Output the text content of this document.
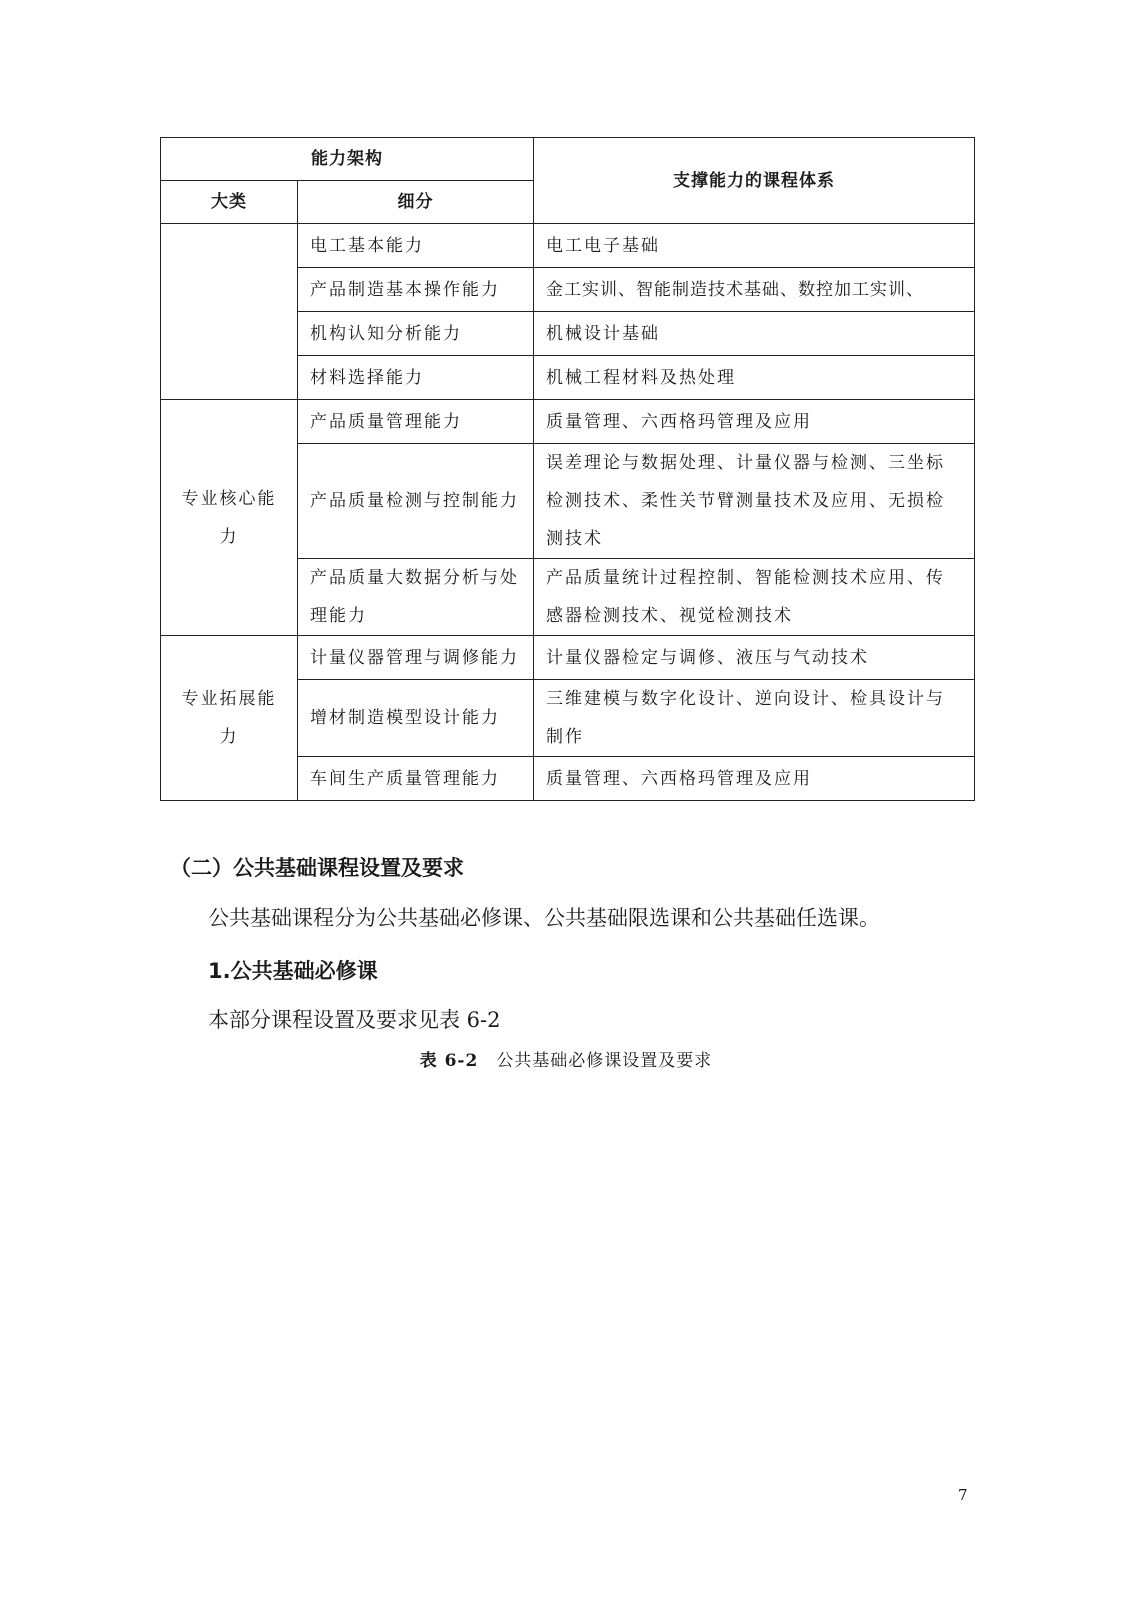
能力架构		支撑能力的课程体系
大类	细分	
	电工基本能力	电工电子基础
	产品制造基本操作能力	金工实训、智能制造技术基础、数控加工实训、
	机构认知分析能力	机械设计基础
	材料选择能力	机械工程材料及热处理
专业核心能力	产品质量管理能力	质量管理、六西格玛管理及应用
	产品质量检测与控制能力	误差理论与数据处理、计量仪器与检测、三坐标检测技术、柔性关节臂测量技术及应用、无损检测技术
	产品质量大数据分析与处理能力	产品质量统计过程控制、智能检测技术应用、传感器检测技术、视觉检测技术
专业拓展能力	计量仪器管理与调修能力	计量仪器检定与调修、液压与气动技术
	增材制造模型设计能力	三维建模与数字化设计、逆向设计、检具设计与制作
	车间生产质量管理能力	质量管理、六西格玛管理及应用
（二）公共基础课程设置及要求
公共基础课程分为公共基础必修课、公共基础限选课和公共基础任选课。
1.公共基础必修课
本部分课程设置及要求见表 6-2
表 6-2 公共基础必修课设置及要求
7
